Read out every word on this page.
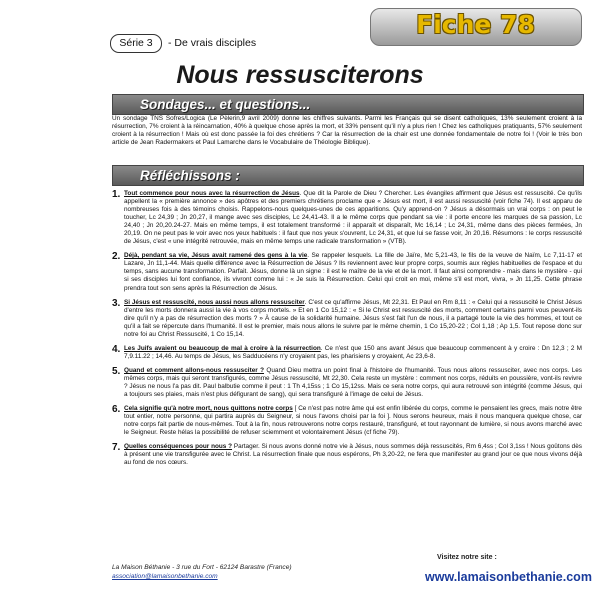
Fiche 78
Série 3	- De vrais disciples
Nous ressusciterons
Sondages... et questions...
Un sondage TNS Sofres/Logica (Le Pèlerin,9 avril 2009) donne les chiffres suivants. Parmi les Français qui se disent catholiques, 13% seulement croient à la résurrection, 7% croient à la réincarnation, 40% à quelque chose après la mort, et 33% pensent qu'il n'y a plus rien ! Chez les catholiques pratiquants, 57% seulement croient à la résurrection ! Mais où est donc passée la foi des chrétiens ? Car la résurrection de la chair est une donnée fondamentale de notre foi ! (Voir le très bon article de Jean Radermakers et Paul Lamarche dans le Vocabulaire de Théologie Biblique).
Réfléchissons :
1. Tout commence pour nous avec la résurrection de Jésus. Que dit la Parole de Dieu ? Chercher. Les évangiles affirment que Jésus est ressuscité. Ce qu'ils appellent la « première annonce » des apôtres et des premiers chrétiens proclame que « Jésus est mort, il est aussi ressuscité (voir fiche 74). Il est apparu de nombreuses fois à des témoins choisis. Rappelons-nous quelques-unes de ces apparitions. Qu'y apprend-on ? Jésus a désormais un vrai corps : on peut le toucher, Lc 24,39 ; Jn 20,27, il mange avec ses disciples, Lc 24,41-43. Il a le même corps que pendant sa vie : il porte encore les marques de sa passion, Lc 24,40 ; Jn 20,20.24-27. Mais en même temps, il est totalement transformé : il apparaît et disparaît, Mc 16,14 ; Lc 24,31, même dans des pièces fermées, Jn 20,19. On ne peut pas le voir avec nos yeux habituels : il faut que nos yeux s'ouvrent, Lc 24,31, et que lui se fasse voir, Jn 20,16. Résumons : le corps ressuscité de Jésus, c'est « une intégrité retrouvée, mais en même temps une radicale transformation » (VTB).
2. Déjà, pendant sa vie, Jésus avait ramené des gens à la vie. Se rappeler lesquels. La fille de Jaïre, Mc 5,21-43, le fils de la veuve de Naïm, Lc 7,11-17 et Lazare, Jn 11,1-44. Mais quelle différence avec la Résurrection de Jésus ? Ils reviennent avec leur propre corps, soumis aux règles habituelles de l'espace et du temps, sans aucune transformation. Parfait. Jésus, donne là un signe : il est le maître de la vie et de la mort. Il faut ainsi comprendre - mais dans le mystère - qui si ses disciples lui font confiance, ils vivront comme lui : « Je suis la Résurrection. Celui qui croit en moi, même s'il est mort, vivra, » Jn 11,25. Cette phrase prendra tout son sens après la Résurrection de Jésus.
3. Si Jésus est ressuscité, nous aussi nous allons ressusciter. C'est ce qu'affirme Jésus, Mt 22,31. Et Paul en Rm 8,11 : « Celui qui a ressuscité le Christ Jésus d'entre les morts donnera aussi la vie à vos corps mortels. » Et en 1 Co 15,12 : « Si le Christ est ressuscité des morts, comment certains parmi vous peuvent-ils dire qu'il n'y a pas de résurrection des morts ? » À cause de la solidarité humaine. Jésus s'est fait l'un de nous, il a partagé toute la vie des hommes, et tout ce qu'il a fait se répercute dans l'humanité. Il est le premier, mais nous allons le suivre par le même chemin, 1 Co 15,20-22 ; Col 1,18 ; Ap 1,5. Tout repose donc sur notre foi au Christ Ressuscité, 1 Co 15,14.
4. Les Juifs avaient ou beaucoup de mal à croire à la résurrection. Ce n'est que 150 ans avant Jésus que beaucoup commencent à y croire : Dn 12,3 ; 2 M 7,9.11.22 ; 14,46. Au temps de Jésus, les Sadducéens n'y croyaient pas, les pharisiens y croyaient, Ac 23,6-8.
5. Quand et comment allons-nous ressusciter ? Quand Dieu mettra un point final à l'histoire de l'humanité. Tous nous allons ressusciter, avec nos corps. Les mêmes corps, mais qui seront transfigurés, comme Jésus ressuscité, Mt 22,30. Cela reste un mystère : comment nos corps, réduits en poussière, vont-ils revivre ? Jésus ne nous l'a pas dit. Paul balbutie comme il peut : 1 Th 4,15ss ; 1 Co 15,12ss. Mais ce sera notre corps, qui aura retrouvé son intégrité (comme Jésus, qui a toujours ses plaies, mais n'est plus défigurant de sang), qui sera transfiguré à l'image de celui de Jésus.
6. Cela signifie qu'à notre mort, nous quittons notre corps [ Ce n'est pas notre âme qui est enfin libérée du corps, comme le pensaient les grecs, mais notre être tout entier, notre personne, qui partira auprès du Seigneur, si nous l'avons choisi par la foi ]. Nous serons heureux, mais il nous manquera quelque chose, car notre corps fait partie de nous-mêmes. Tout à la fin, nous retrouverons notre corps restauré, transfiguré, et tout rayonnant de lumière, si nous avons marché avec le Seigneur. Reste hélas la possibilité de refuser sciemment et volontairement Jésus (cf fiche 79).
7. Quelles conséquences pour nous ? Partager. Si nous avons donné notre vie à Jésus, nous sommes déjà ressuscités, Rm 6,4ss ; Col 3,1ss ! Nous goûtons dès à présent une vie transfigurée avec le Christ. La résurrection finale que nous espérons, Ph 3,20-22, ne fera que manifester au grand jour ce que nous vivons déjà au fond de nos cœurs.
La Maison Béthanie - 3 rue du Fort - 62124 Barastre (France)
association@lamaisonbethanie.com
Visitez notre site :
www.lamaisonbethanie.com
